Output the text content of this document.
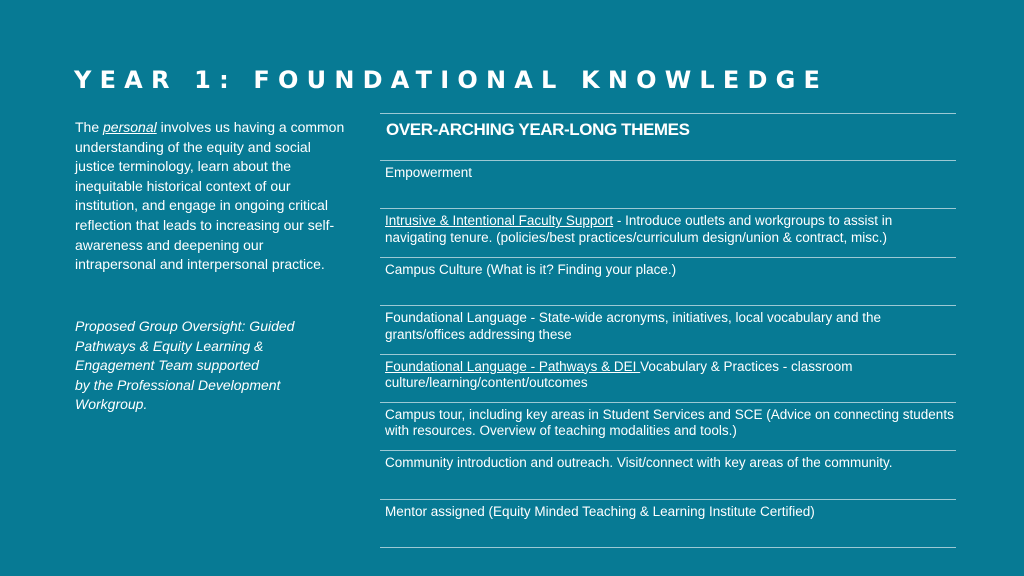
YEAR 1: FOUNDATIONAL KNOWLEDGE

The personal involves us having a common understanding of the equity and social justice terminology, learn about the inequitable historical context of our institution, and engage in ongoing critical reflection that leads to increasing our self-awareness and deepening our intrapersonal and interpersonal practice.

Proposed Group Oversight: Guided
Pathways & Equity Learning &
Engagement Team supported
by the Professional Development
Workgroup.
OVER-ARCHING YEAR-LONG THEMES
Empowerment
Intrusive & Intentional Faculty Support - Introduce outlets and workgroups to assist in navigating tenure. (policies/best practices/curriculum design/union & contract, misc.)
Campus Culture (What is it? Finding your place.)
Foundational Language - State-wide acronyms, initiatives, local vocabulary and the grants/offices addressing these
Foundational Language - Pathways & DEI Vocabulary & Practices - classroom culture/learning/content/outcomes
Campus tour, including key areas in Student Services and SCE (Advice on connecting students with resources. Overview of teaching modalities and tools.)
Community introduction and outreach. Visit/connect with key areas of the community.
Mentor assigned (Equity Minded Teaching & Learning Institute Certified)
